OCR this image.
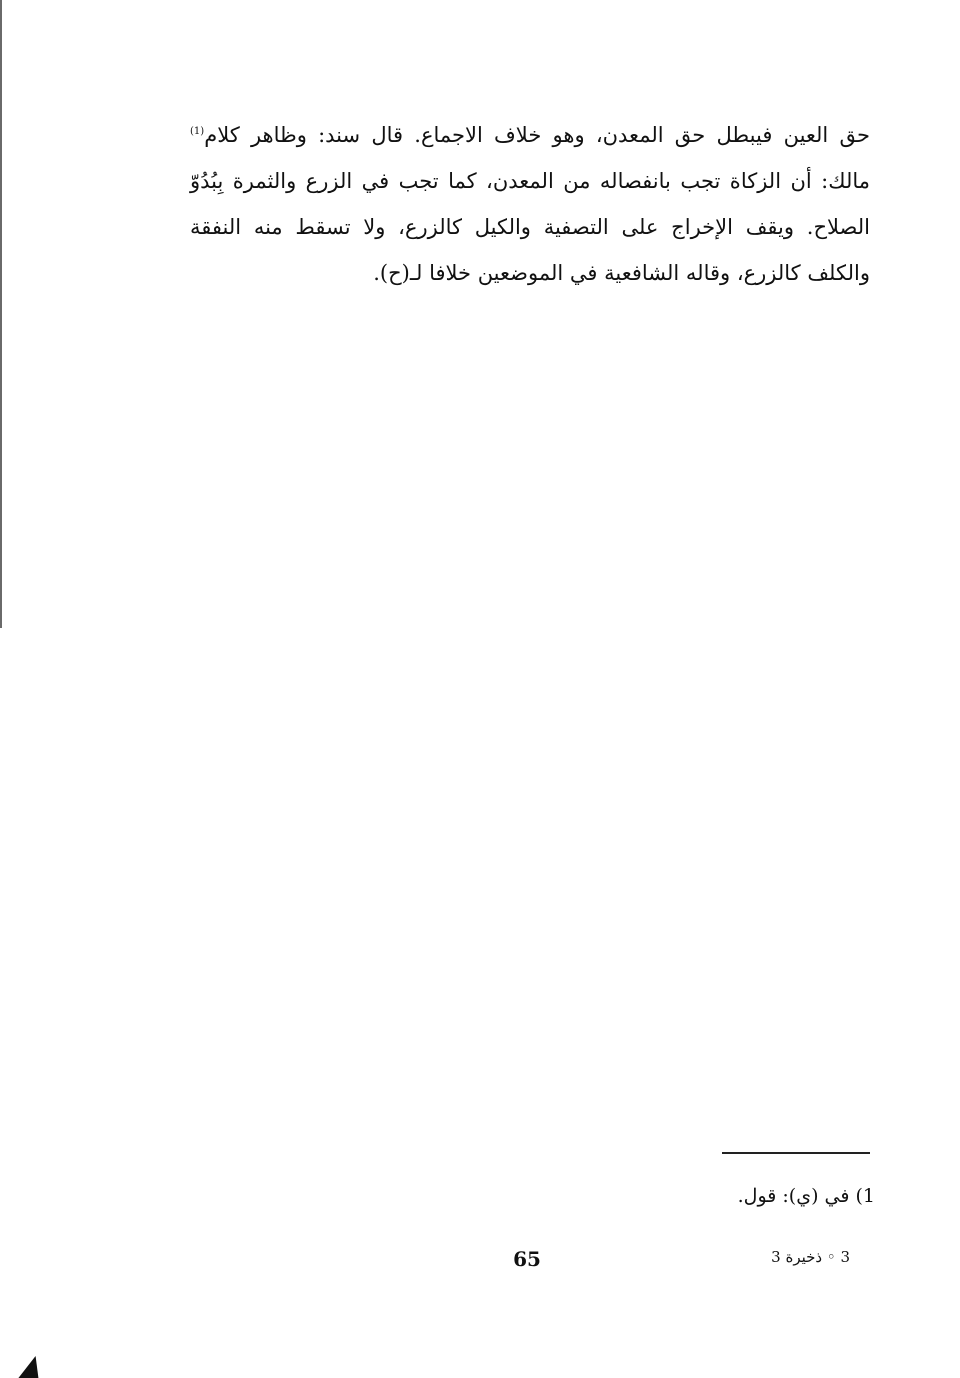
حق العين فيبطل حق المعدن، وهو خلاف الاجماع. قال سند: وظاهر كلام$^{(1)}$
مالك: أن الزكاة تجب بانفصاله من المعدن، كما تجب في الزرع والثمرة بِبُدُوّ
الصلاح. ويقف الإخراج على التصفية والكيل كالزرع، ولا تسقط منه النفقة
والكلف كالزرع، وقاله الشافعية في الموضعين خلافا لـ(ح).
1) في (ي): قول.
65	3 ◦ ذخيرة 3
